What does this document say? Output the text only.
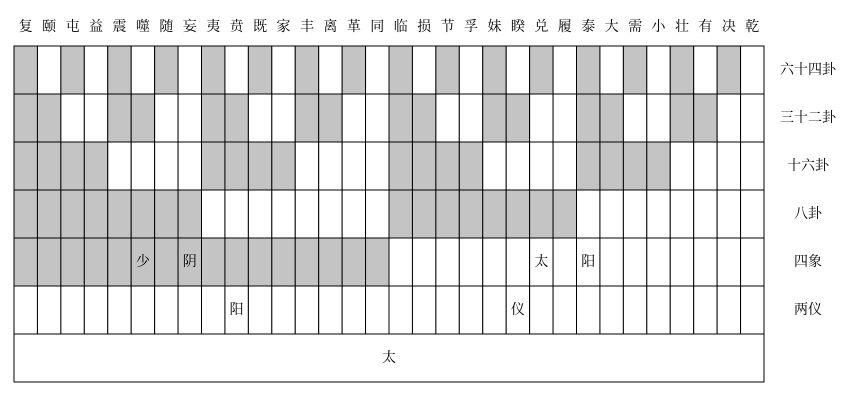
复 颐 屯 益 震 噬 随 妄 夷 贲 既 家 丰 离 革 同 临 损 节 孚 妹 睽 兑 履 泰 大 需 小 壮 有 决 乾
六十四卦
三十二卦
十六卦
八卦
少 阴	太 阳	四象
阳	仪	两仪
太
